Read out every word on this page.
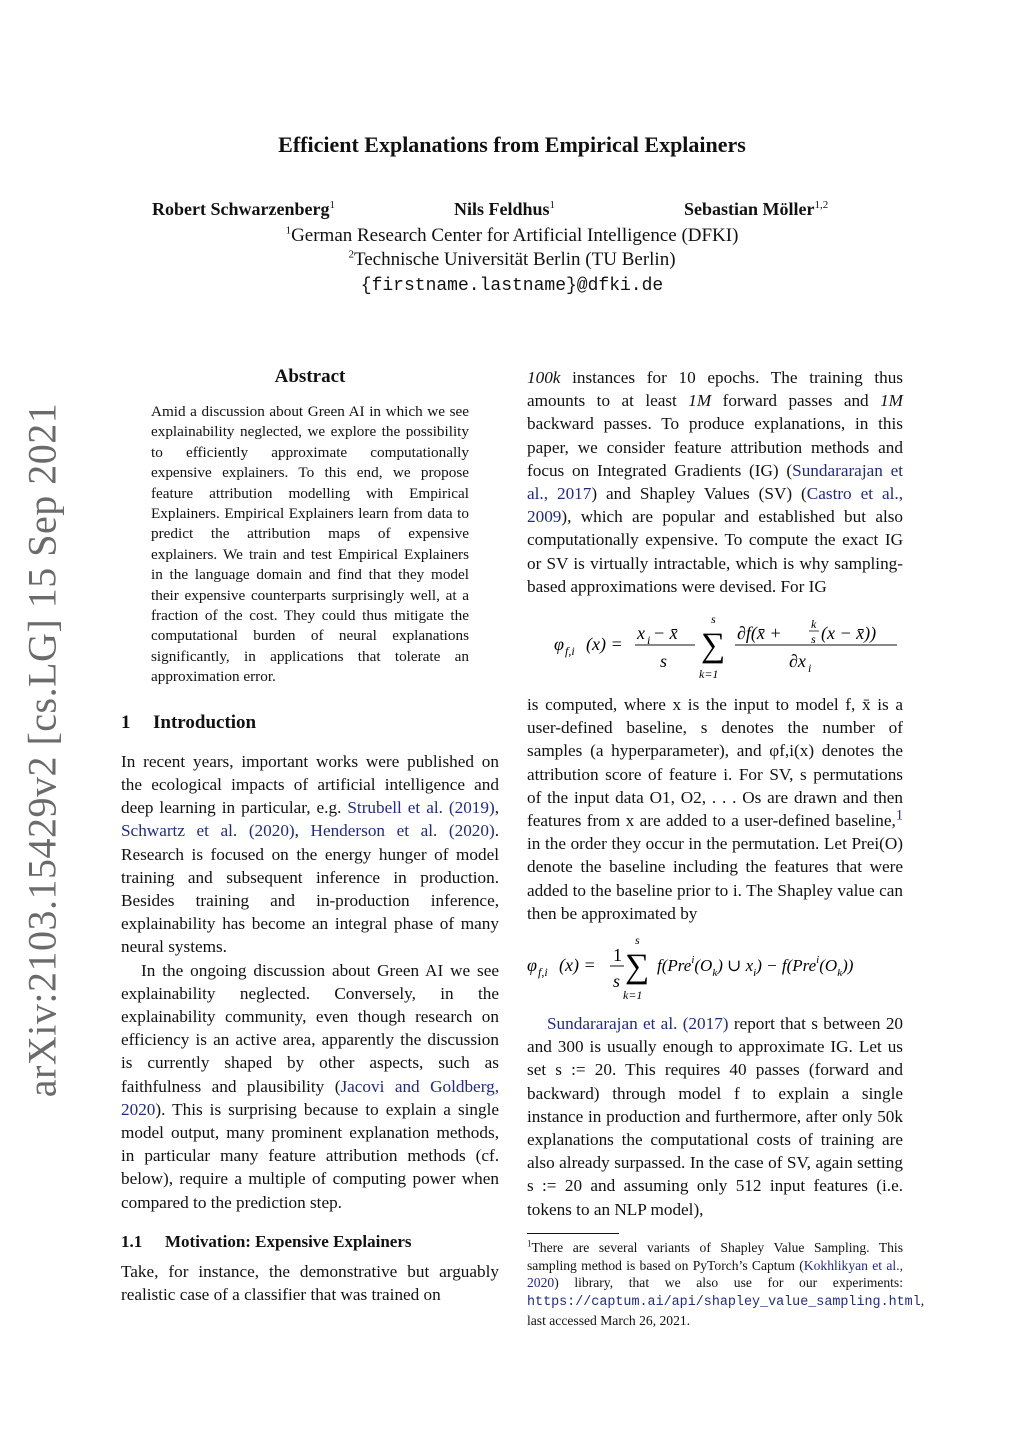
arXiv:2103.15429v2 [cs.LG] 15 Sep 2021
Efficient Explanations from Empirical Explainers
Robert Schwarzenberg$^1$	Nils Feldhus$^1$	Sebastian Möller$^{1,2}$
$^1$German Research Center for Artificial Intelligence (DFKI)
$^2$Technische Universität Berlin (TU Berlin)
{firstname.lastname}@dfki.de
Abstract
Amid a discussion about Green AI in which we see explainability neglected, we explore the possibility to efficiently approximate computationally expensive explainers. To this end, we propose feature attribution modelling with Empirical Explainers. Empirical Explainers learn from data to predict the attribution maps of expensive explainers. We train and test Empirical Explainers in the language domain and find that they model their expensive counterparts surprisingly well, at a fraction of the cost. They could thus mitigate the computational burden of neural explanations significantly, in applications that tolerate an approximation error.
1 Introduction

In recent years, important works were published on the ecological impacts of artificial intelligence and deep learning in particular, e.g. Strubell et al. (2019), Schwartz et al. (2020), Henderson et al. (2020). Research is focused on the energy hunger of model training and subsequent inference in production. Besides training and in-production inference, explainability has become an integral phase of many neural systems.

In the ongoing discussion about Green AI we see explainability neglected. Conversely, in the explainability community, even though research on efficiency is an active area, apparently the discussion is currently shaped by other aspects, such as faithfulness and plausibility (Jacovi and Goldberg, 2020). This is surprising because to explain a single model output, many prominent explanation methods, in particular many feature attribution methods (cf. below), require a multiple of computing power when compared to the prediction step.

1.1 Motivation: Expensive Explainers

Take, for instance, the demonstrative but arguably realistic case of a classifier that was trained on

100k instances for 10 epochs. The training thus amounts to at least 1M forward passes and 1M backward passes. To produce explanations, in this paper, we consider feature attribution methods and focus on Integrated Gradients (IG) (Sundararajan et al., 2017) and Shapley Values (SV) (Castro et al., 2009), which are popular and established but also computationally expensive. To compute the exact IG or SV is virtually intractable, which is why sampling-based approximations were devised. For IG

φ f,i (x) =
x i − x̄
s
s
∑
k=1
∂f(x̄ + k
s (x − x̄))
∂x i

is computed, where x is the input to model f, x̄ is a user-defined baseline, s denotes the number of samples (a hyperparameter), and φf,i(x) denotes the attribution score of feature i. For SV, s permutations of the input data O1, O2, . . . Os are drawn and then features from x are added to a user-defined baseline,$^1$ in the order they occur in the permutation. Let Prei(O) denote the baseline including the features that were added to the baseline prior to i. The Shapley value can then be approximated by

φ f,i (x) = 1
s
s
∑
k=1
$f(Pre^i(O_k)$ ∪ $x_i) - f(Pre^i(O_k))$

Sundararajan et al. (2017) report that s between 20 and 300 is usually enough to approximate IG. Let us set s := 20. This requires 40 passes (forward and backward) through model f to explain a single instance in production and furthermore, after only 50k explanations the computational costs of training are also already surpassed. In the case of SV, again setting s := 20 and assuming only 512 input features (i.e. tokens to an NLP model),

$^1$There are several variants of Shapley Value Sampling. This sampling method is based on PyTorch’s Captum (Kokhlikyan et al., 2020) library, that we also use for our experiments: https://captum.ai/api/shapley_value_sampling.html, last accessed March 26, 2021.
